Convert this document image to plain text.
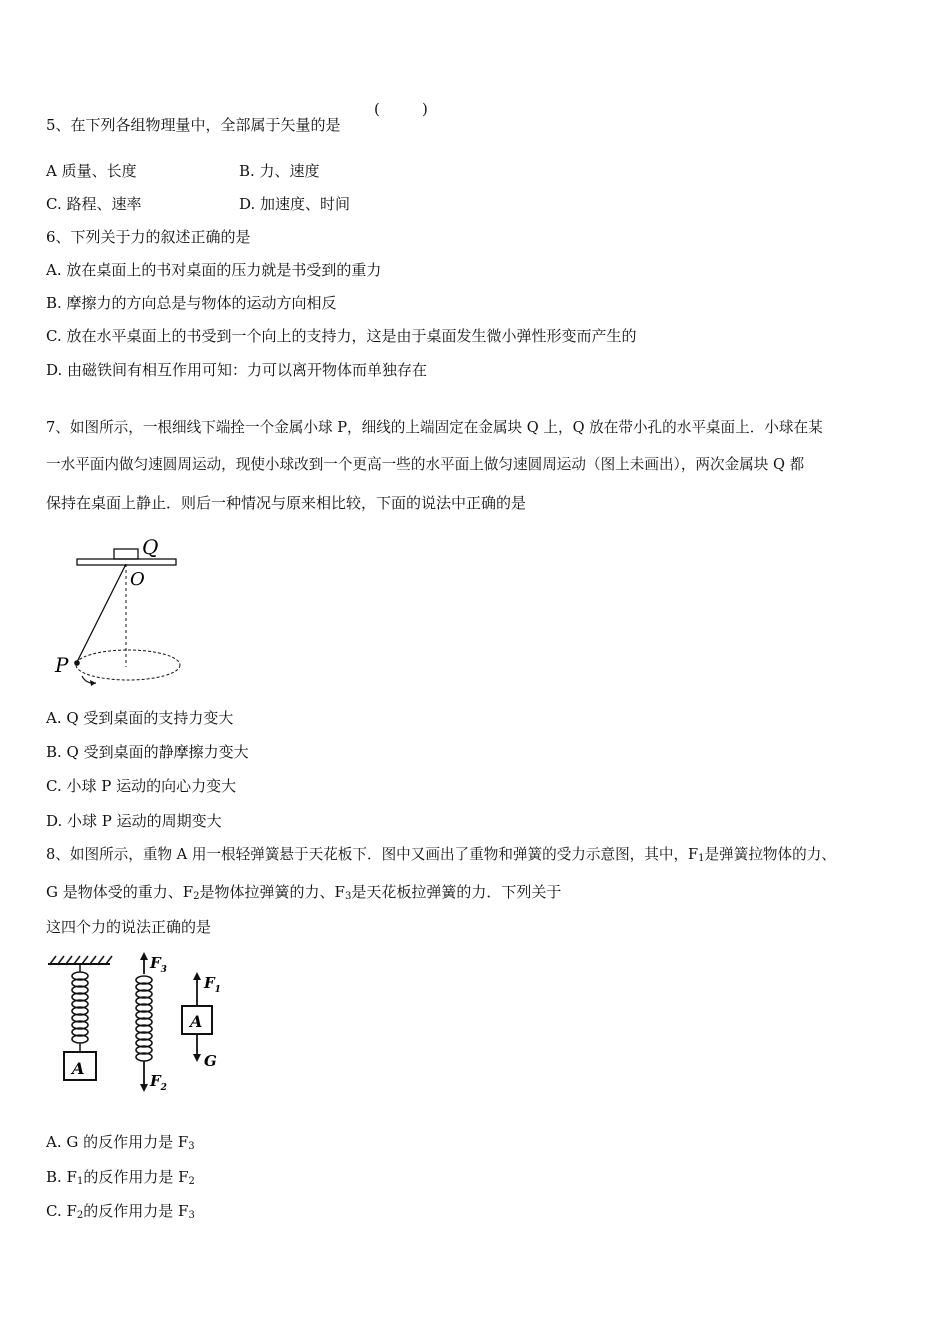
5、在下列各组物理量中，全部属于矢量的是
(	)
A 质量、长度	B. 力、速度
C. 路程、速率	D. 加速度、时间
6、下列关于力的叙述正确的是
A. 放在桌面上的书对桌面的压力就是书受到的重力
B. 摩擦力的方向总是与物体的运动方向相反
C. 放在水平桌面上的书受到一个向上的支持力，这是由于桌面发生微小弹性形变而产生的
D. 由磁铁间有相互作用可知：力可以离开物体而单独存在
7、如图所示，一根细线下端拴一个金属小球 P，细线的上端固定在金属块 Q 上，Q 放在带小孔的水平桌面上．小球在某
一水平面内做匀速圆周运动，现使小球改到一个更高一些的水平面上做匀速圆周运动（图上未画出），两次金属块 Q 都
保持在桌面上静止．则后一种情况与原来相比较，下面的说法中正确的是
Q
O
P
A. Q 受到桌面的支持力变大
B. Q 受到桌面的静摩擦力变大
C. 小球 P 运动的向心力变大
D. 小球 P 运动的周期变大
8、如图所示，重物 A 用一根轻弹簧悬于天花板下．图中又画出了重物和弹簧的受力示意图，其中，$F_1$是弹簧拉物体的力、
G 是物体受的重力、$F_2$是物体拉弹簧的力、$F_3$是天花板拉弹簧的力．下列关于
这四个力的说法正确的是
A
$F_3$
$F_2$
$F_1$
A
G
A. G 的反作用力是 $F_3$
B. $F_1$的反作用力是 $F_2$
C. $F_2$的反作用力是 $F_3$
